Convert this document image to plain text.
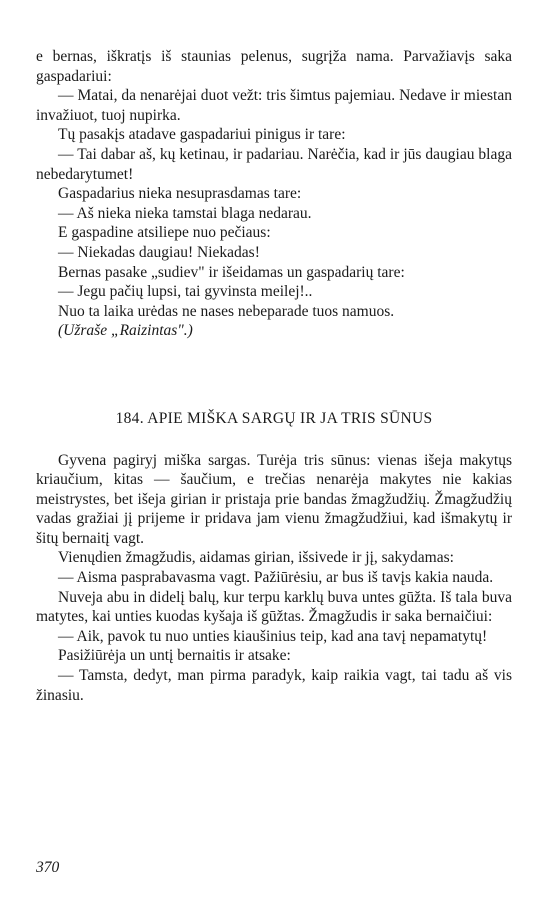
e bernas, iškratįs iš staunias pelenus, sugrįža nama. Parvažiavįs saka gaspadariui:

— Matai, da nenarėjai duot vežt: tris šimtus pajemiau. Nedave ir miestan invažiuot, tuoj nupirka.

Tų pasakįs atadave gaspadariui pinigus ir tare:

— Tai dabar aš, kų ketinau, ir padariau. Narėčia, kad ir jūs daugiau blaga nebedarytumet!

Gaspadarius nieka nesuprasdamas tare:

— Aš nieka nieka tamstai blaga nedarau.

E gaspadine atsiliepe nuo pečiaus:

— Niekadas daugiau! Niekadas!

Bernas pasake „sudiev" ir išeidamas un gaspadarių tare:

— Jegu pačių lupsi, tai gyvinsta meilej!..

Nuo ta laika urėdas ne nases nebeparade tuos namuos.

(Užraše „Raizintas".)

184. APIE MIŠKA SARGŲ IR JA TRIS SŪNUS

Gyvena pagiryj miška sargas. Turėja tris sūnus: vienas išeja makytųs kriaučium, kitas — šaučium, e trečias nenarėja makytes nie kakias meistrystes, bet išeja girian ir pristaja prie bandas žmagžudžių. Žmagžudžių vadas gražiai jį prijeme ir pridava jam vienu žmagžudžiui, kad išmakytų ir šitų bernaitį vagt.

Vienųdien žmagžudis, aidamas girian, išsivede ir jį, sakydamas:

— Aisma pasprabavasma vagt. Pažiūrėsiu, ar bus iš tavįs kakia nauda.

Nuveja abu in didelį balų, kur terpu karklų buva untes gūžta. Iš tala buva matytes, kai unties kuodas kyšaja iš gūžtas. Žmagžudis ir saka bernaičiui:

— Aik, pavok tu nuo unties kiaušinius teip, kad ana tavį nepamatytų!

Pasižiūrėja un untį bernaitis ir atsake:

— Tamsta, dedyt, man pirma paradyk, kaip raikia vagt, tai tadu aš vis žinasiu.

370
